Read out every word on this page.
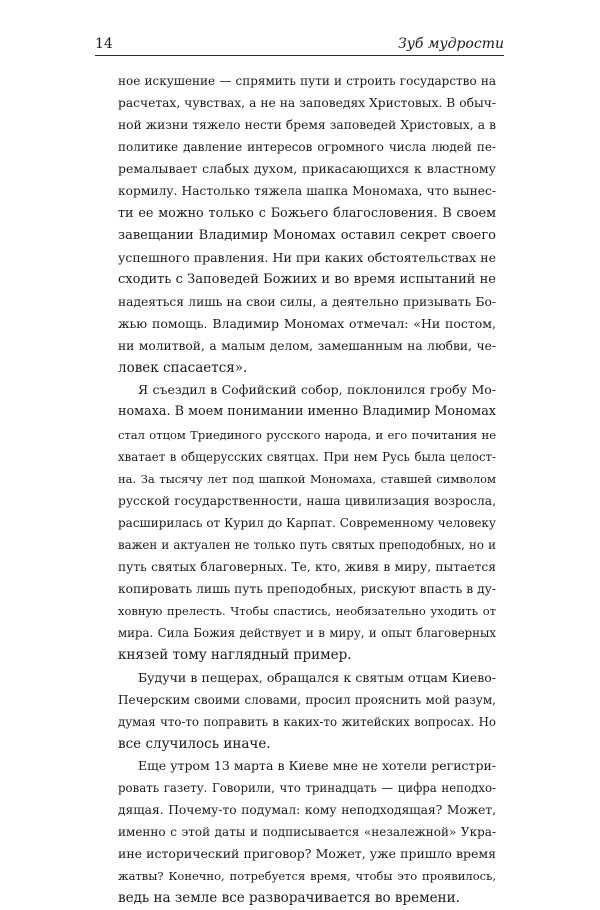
14	Зуб мудрости
ное искушение — спрямить пути и строить государство на
расчетах, чувствах, а не на заповедях Христовых. В обыч-
ной жизни тяжело нести бремя заповедей Христовых, а в
политике давление интересов огромного числа людей пе-
ремалывает слабых духом, прикасающихся к властному
кормилу. Настолько тяжела шапка Мономаха, что вынес-
ти ее можно только с Божьего благословения. В своем
завещании Владимир Мономах оставил секрет своего
успешного правления. Ни при каких обстоятельствах не
сходить с Заповедей Божиих и во время испытаний не
надеяться лишь на свои силы, а деятельно призывать Бо-
жью помощь. Владимир Мономах отмечал: «Ни постом,
ни молитвой, а малым делом, замешанным на любви, че-
ловек спасается».
Я съездил в Софийский собор, поклонился гробу Мо-
номаха. В моем понимании именно Владимир Мономах
стал отцом Триединого русского народа, и его почитания не
хватает в общерусских святцах. При нем Русь была целост-
на. За тысячу лет под шапкой Мономаха, ставшей символом
русской государственности, наша цивилизация возросла,
расширилась от Курил до Карпат. Современному человеку
важен и актуален не только путь святых преподобных, но и
путь святых благоверных. Те, кто, живя в миру, пытается
копировать лишь путь преподобных, рискуют впасть в ду-
ховную прелесть. Чтобы спастись, необязательно уходить от
мира. Сила Божия действует и в миру, и опыт благоверных
князей тому наглядный пример.
Будучи в пещерах, обращался к святым отцам Киево-
Печерским своими словами, просил прояснить мой разум,
думая что-то поправить в каких-то житейских вопросах. Но
все случилось иначе.
Еще утром 13 марта в Киеве мне не хотели регистри-
ровать газету. Говорили, что тринадцать — цифра неподхо-
дящая. Почему-то подумал: кому неподходящая? Может,
именно с этой даты и подписывается «незалежной» Укра-
ине исторический приговор? Может, уже пришло время
жатвы? Конечно, потребуется время, чтобы это проявилось,
ведь на земле все разворачивается во времени.
